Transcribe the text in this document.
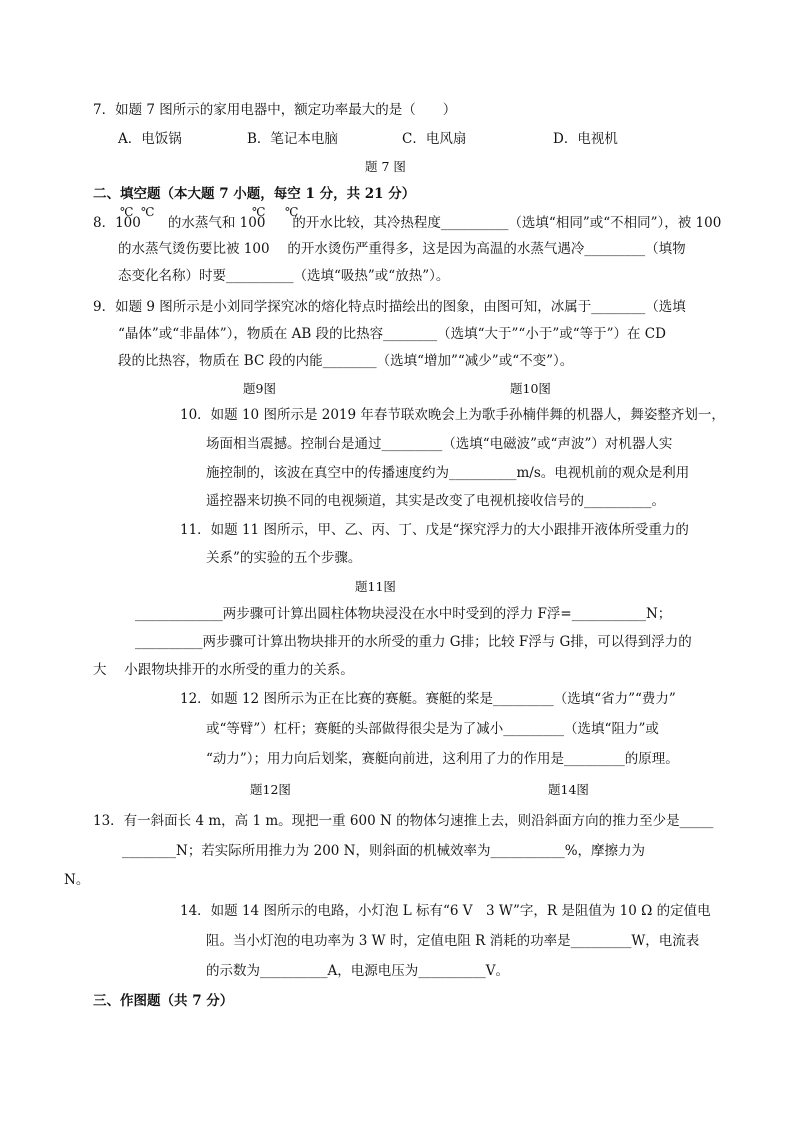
7．如题 7 图所示的家用电器中，额定功率最大的是（　　）
A．电饭锅	B．笔记本电脑	C．电风扇	D．电视机
题 7 图
二、填空题（本大题 7 小题，每空 1 分，共 21 分）
8．100　　的水蒸气和 100　　的开水比较，其冷热程度__________（选填“相同”或“不相同”），被 100
℃ ℃	℃ ℃
的水蒸气烫伤要比被 100　 的开水烫伤严重得多，这是因为高温的水蒸气遇冷_________（填物
态变化名称）时要__________（选填“吸热”或“放热”）。
9．如题 9 图所示是小刘同学探究冰的熔化特点时描绘出的图象，由图可知，冰属于________（选填
“晶体”或“非晶体”），物质在 AB 段的比热容________（选填“大于”“小于”或“等于”）在 CD
段的比热容，物质在 BC 段的内能________（选填“增加”“减少”或“不变”）。
题9图	题10图
10．如题 10 图所示是 2019 年春节联欢晚会上为歌手孙楠伴舞的机器人，舞姿整齐划一，
场面相当震撼。控制台是通过_________（选填“电磁波”或“声波”）对机器人实
施控制的，该波在真空中的传播速度约为__________m/s。电视机前的观众是利用
遥控器来切换不同的电视频道，其实是改变了电视机接收信号的__________。
11．如题 11 图所示，甲、乙、丙、丁、戊是“探究浮力的大小跟排开液体所受重力的
关系”的实验的五个步骤。
题11图
_____________两步骤可计算出圆柱体物块浸没在水中时受到的浮力 F浮=___________N；
__________两步骤可计算出物块排开的水所受的重力 G排；比较 F浮与 G排，可以得到浮力的
大　 小跟物块排开的水所受的重力的关系。
12．如题 12 图所示为正在比赛的赛艇。赛艇的桨是_________（选填“省力”“费力”
或“等臂”）杠杆；赛艇的头部做得很尖是为了减小_________（选填“阻力”或
“动力”）；用力向后划桨，赛艇向前进，这利用了力的作用是_________的原理。
题12图	题14图
13．有一斜面长 4 m，高 1 m。现把一重 600 N 的物体匀速推上去，则沿斜面方向的推力至少是_____
________N；若实际所用推力为 200 N，则斜面的机械效率为___________%，摩擦力为
N。
14．如题 14 图所示的电路，小灯泡 L 标有“6 V　3 W”字，R 是阻值为 10 Ω 的定值电
阻。当小灯泡的电功率为 3 W 时，定值电阻 R 消耗的功率是_________W，电流表
的示数为__________A，电源电压为__________V。
三、作图题（共 7 分）
